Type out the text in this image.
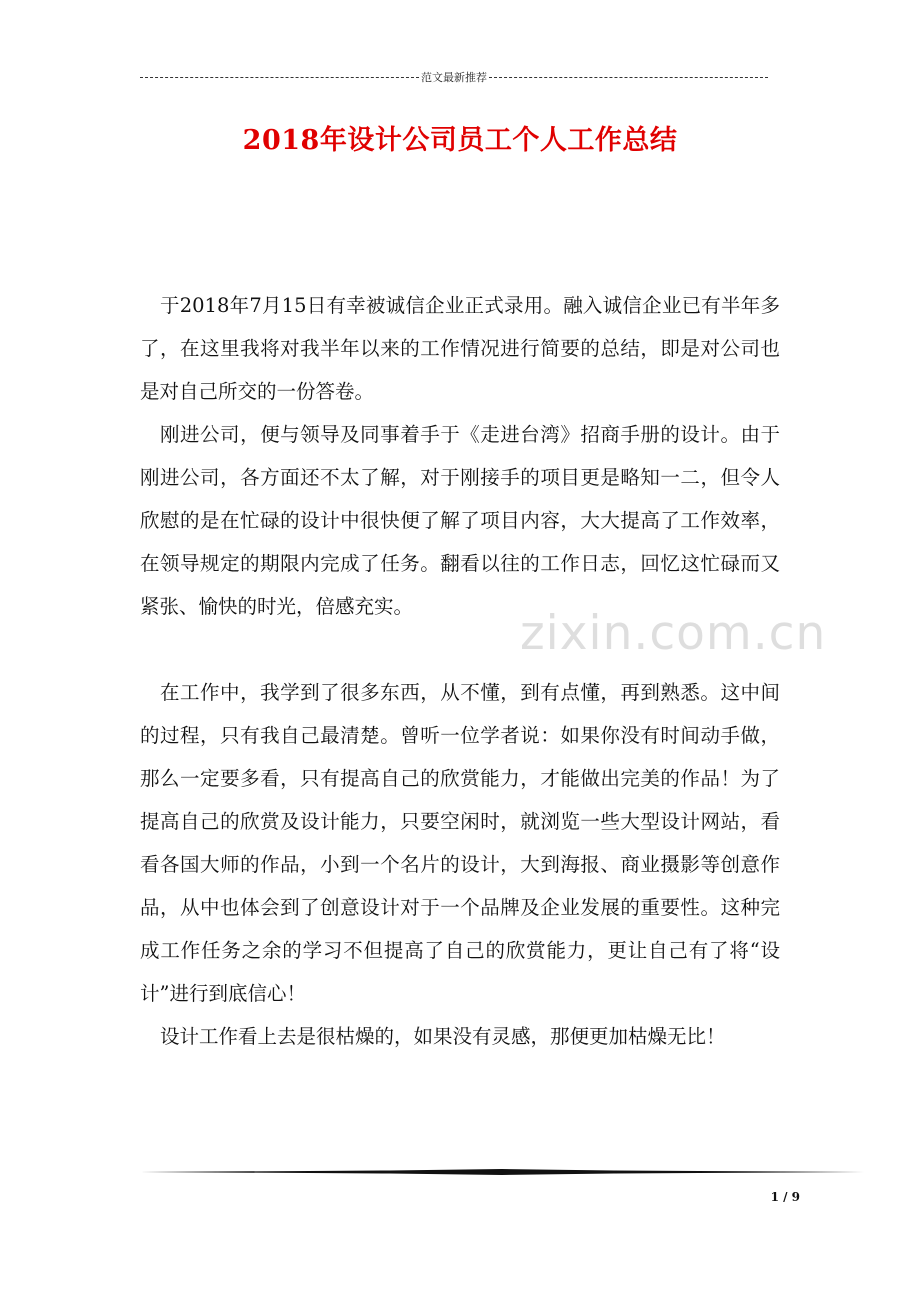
范文最新推荐
2018年设计公司员工个人工作总结

于2018年7月15日有幸被诚信企业正式录用。融入诚信企业已有半年多了，在这里我将对我半年以来的工作情况进行简要的总结，即是对公司也是对自己所交的一份答卷。

刚进公司，便与领导及同事着手于《走进台湾》招商手册的设计。由于刚进公司，各方面还不太了解，对于刚接手的项目更是略知一二，但令人欣慰的是在忙碌的设计中很快便了解了项目内容，大大提高了工作效率，在领导规定的期限内完成了任务。翻看以往的工作日志，回忆这忙碌而又紧张、愉快的时光，倍感充实。

在工作中，我学到了很多东西，从不懂，到有点懂，再到熟悉。这中间的过程，只有我自己最清楚。曾听一位学者说：如果你没有时间动手做，那么一定要多看，只有提高自己的欣赏能力，才能做出完美的作品！为了提高自己的欣赏及设计能力，只要空闲时，就浏览一些大型设计网站，看看各国大师的作品，小到一个名片的设计，大到海报、商业摄影等创意作品，从中也体会到了创意设计对于一个品牌及企业发展的重要性。这种完成工作任务之余的学习不但提高了自己的欣赏能力，更让自己有了将“设计”进行到底信心！

设计工作看上去是很枯燥的，如果没有灵感，那便更加枯燥无比！

zixin.com.cn
1 / 9
